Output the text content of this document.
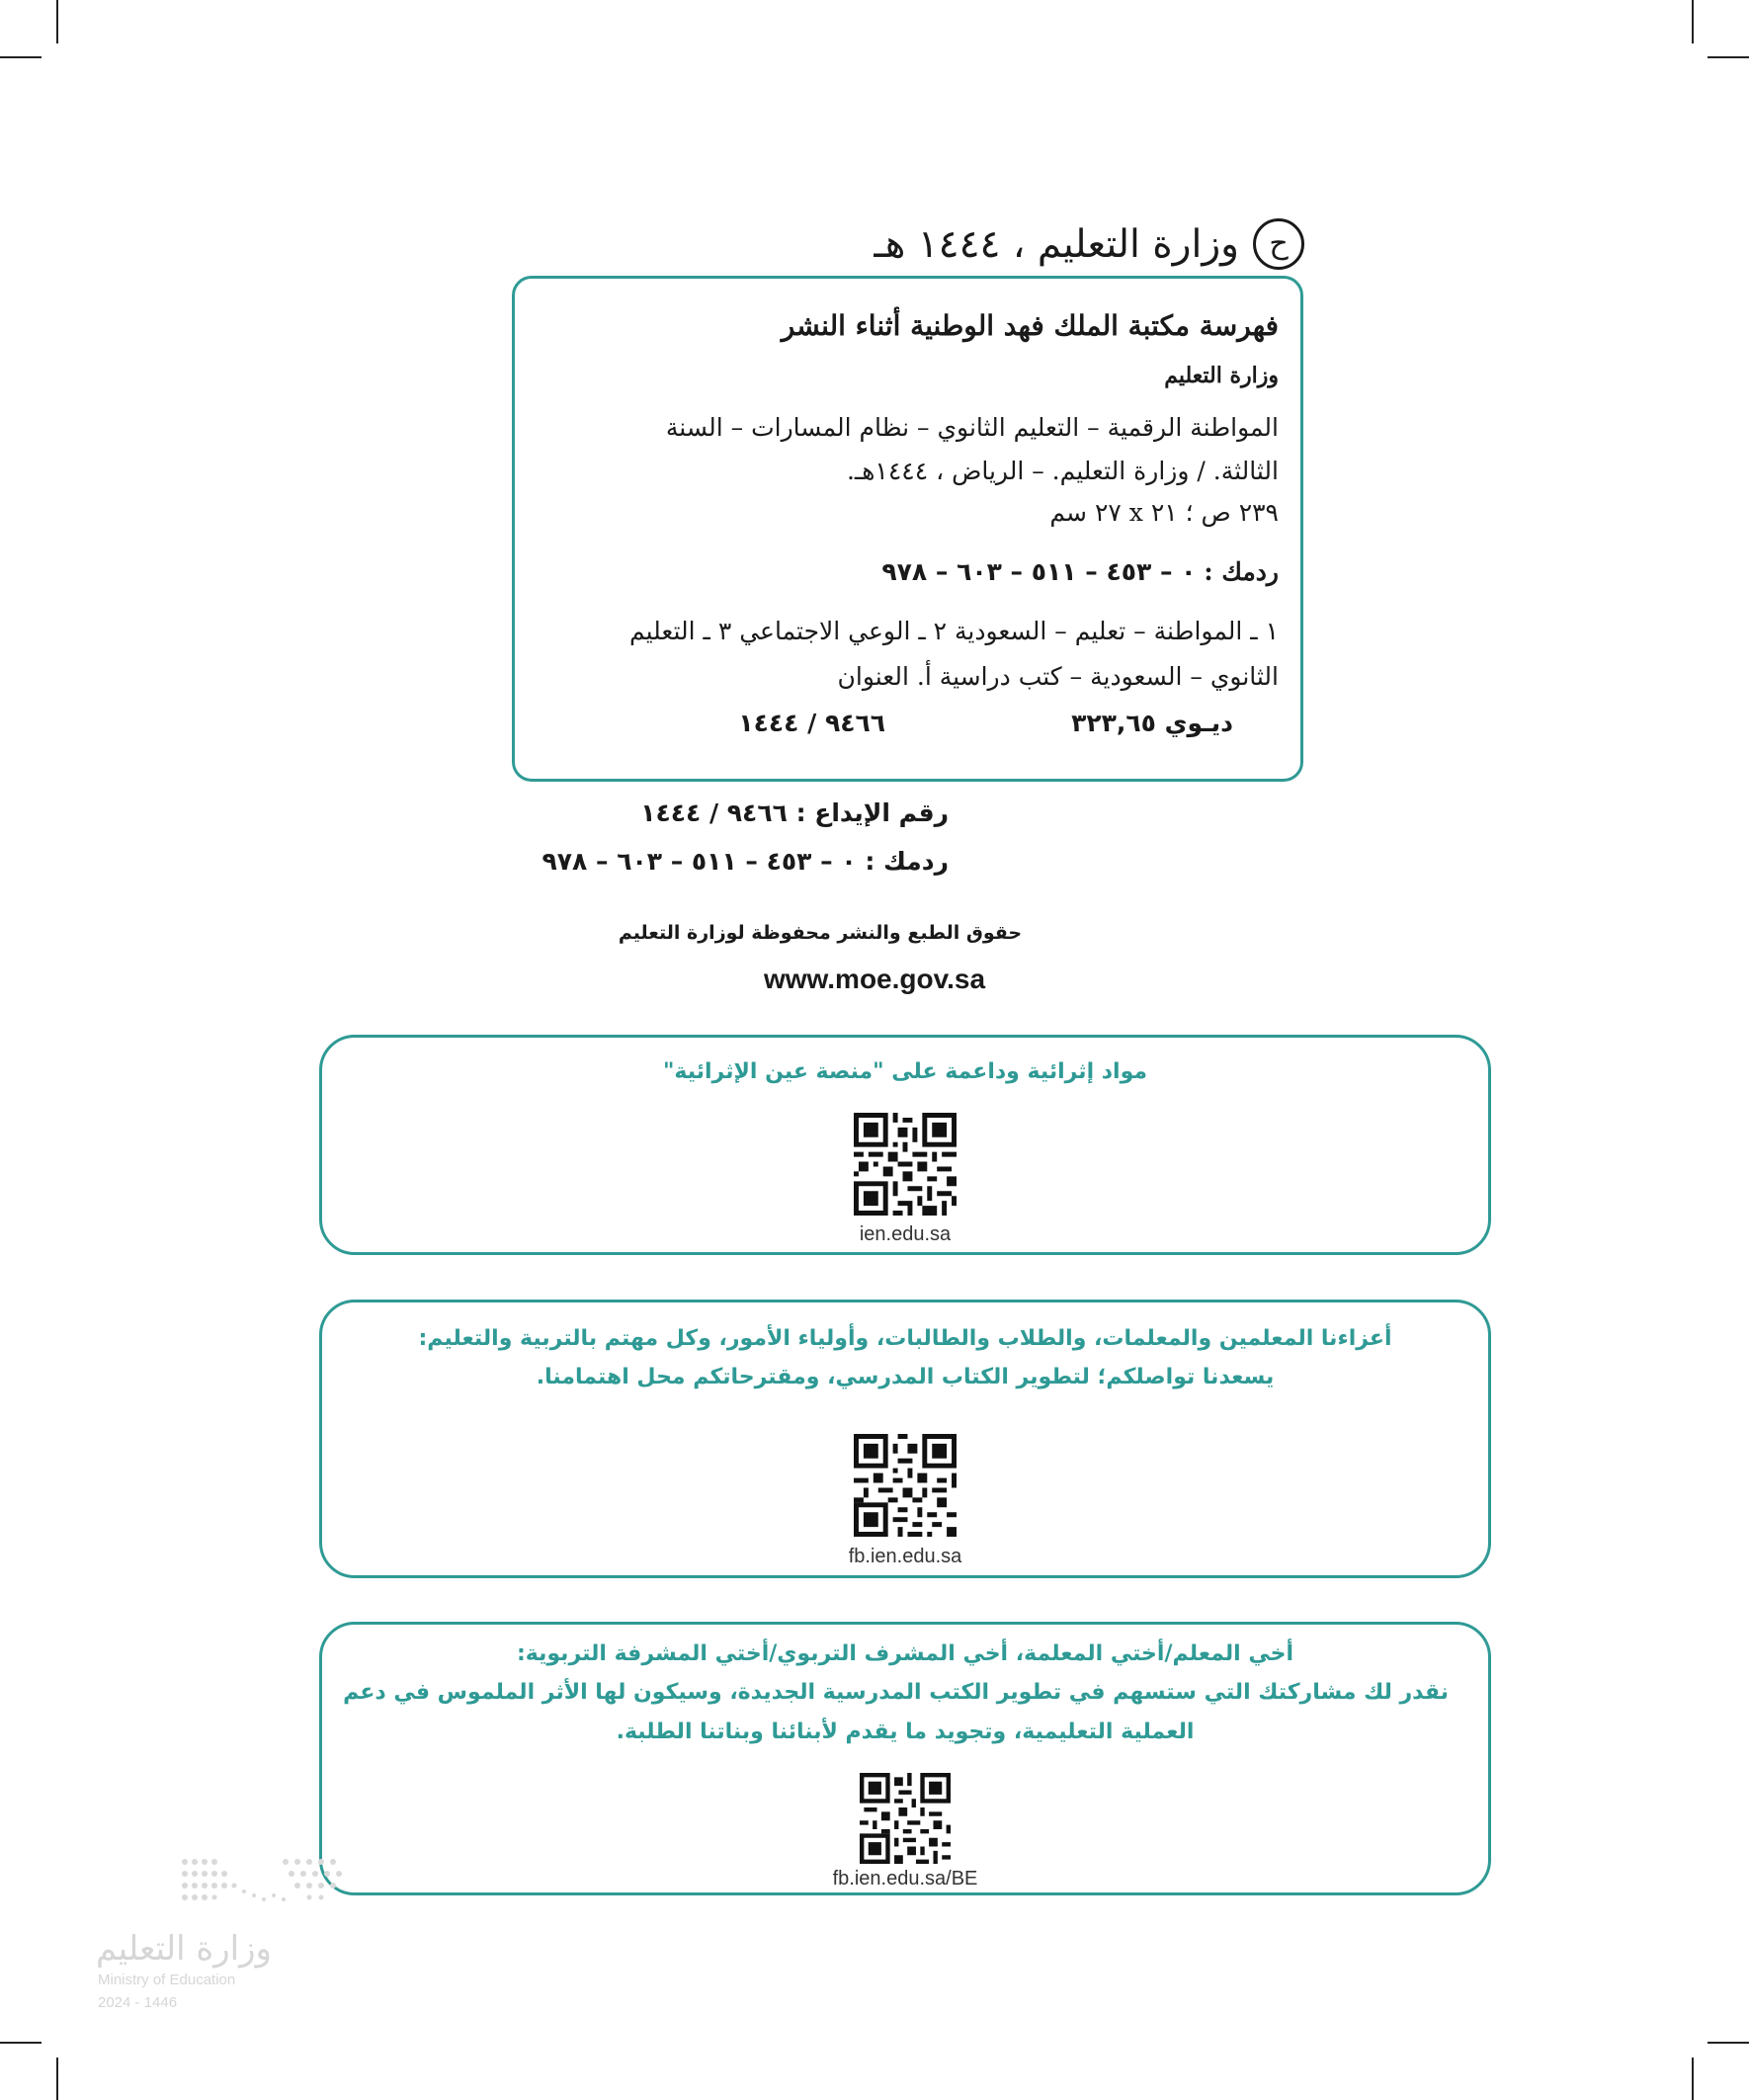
ح
وزارة التعليم ، ١٤٤٤ هـ
فهرسة مكتبة الملك فهد الوطنية أثناء النشر
وزارة التعليم
المواطنة الرقمية – التعليم الثانوي – نظام المسارات – السنة
الثالثة. / وزارة التعليم. – الرياض ، ١٤٤٤هـ.
٢٣٩ ص ؛ ٢١ x ٢٧ سم
ردمك : ٠ – ٤٥٣ – ٥١١ – ٦٠٣ – ٩٧٨
١ ـ المواطنة – تعليم – السعودية ٢ ـ الوعي الاجتماعي ٣ ـ التعليم
الثانوي – السعودية – كتب دراسية أ. العنوان
ديـوي ٣٢٣,٦٥
٩٤٦٦ / ١٤٤٤
رقم الإيداع : ٩٤٦٦ / ١٤٤٤
ردمك : ٠ – ٤٥٣ – ٥١١ – ٦٠٣ – ٩٧٨
حقوق الطبع والنشر محفوظة لوزارة التعليم
www.moe.gov.sa
مواد إثرائية وداعمة على "منصة عين الإثرائية"
ien.edu.sa
أعزاءنا المعلمين والمعلمات، والطلاب والطالبات، وأولياء الأمور، وكل مهتم بالتربية والتعليم:
يسعدنا تواصلكم؛ لتطوير الكتاب المدرسي، ومقترحاتكم محل اهتمامنا.
fb.ien.edu.sa
أخي المعلم/أختي المعلمة، أخي المشرف التربوي/أختي المشرفة التربوية:
نقدر لك مشاركتك التي ستسهم في تطوير الكتب المدرسية الجديدة، وسيكون لها الأثر الملموس في دعم
العملية التعليمية، وتجويد ما يقدم لأبنائنا وبناتنا الطلبة.
fb.ien.edu.sa/BE
وزارة التعليم
Ministry of Education
2024 - 1446
